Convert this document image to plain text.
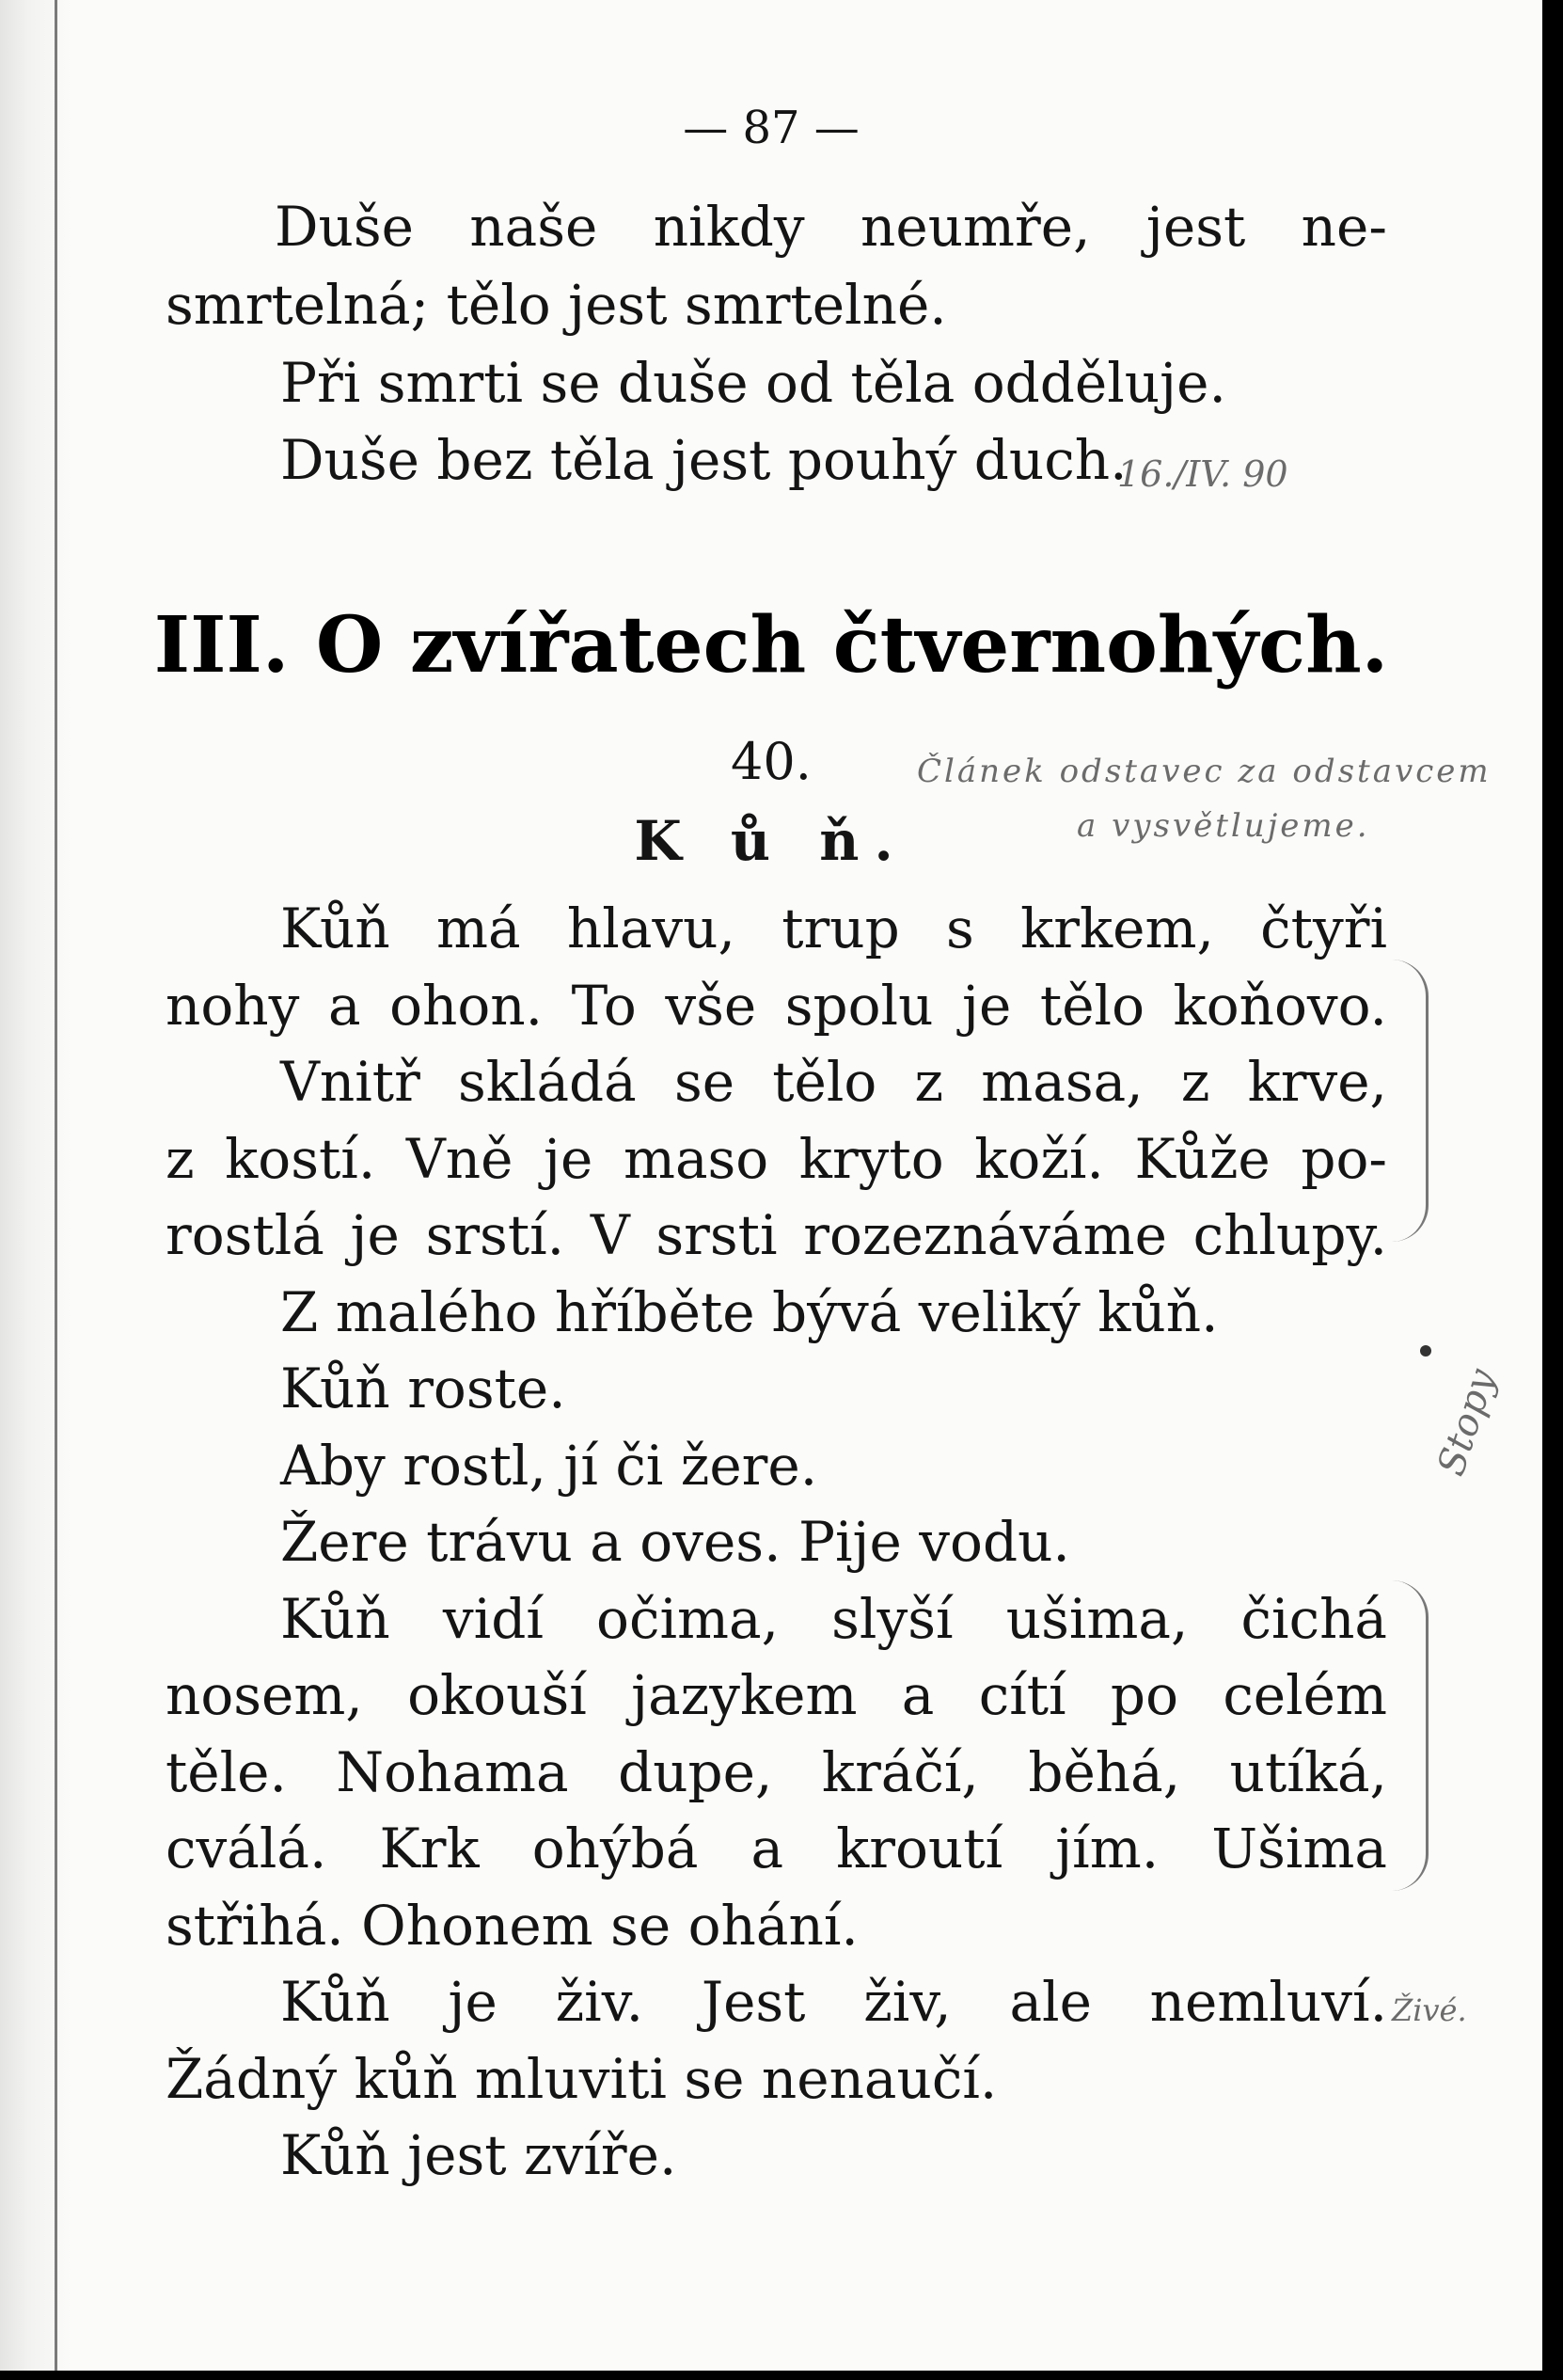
— 87 —
Duše naše nikdy neumře, jest ne-
smrtelná; tělo jest smrtelné.
Při smrti se duše od těla odděluje.
Duše bez těla jest pouhý duch.
16./IV. 90
III. O zvířatech čtvernohých.
40.
K ů ň.
Článek odstavec za odstavcem
a vysvětlujeme.
Kůň má hlavu, trup s krkem, čtyři
nohy a ohon. To vše spolu je tělo koňovo.
Vnitř skládá se tělo z masa, z krve,
z kostí. Vně je maso kryto koží. Kůže po-
rostlá je srstí. V srsti rozeznáváme chlupy.
Z malého hříběte bývá veliký kůň.
Kůň roste.
Aby rostl, jí či žere.
Žere trávu a oves. Pije vodu.
Kůň vidí očima, slyší ušima, čichá
nosem, okouší jazykem a cítí po celém
těle. Nohama dupe, kráčí, běhá, utíká,
cválá. Krk ohýbá a kroutí jím. Ušima
střihá. Ohonem se ohání.
Kůň je živ. Jest živ, ale nemluví.
Žádný kůň mluviti se nenaučí.
Kůň jest zvíře.
Stopy
Živé.
